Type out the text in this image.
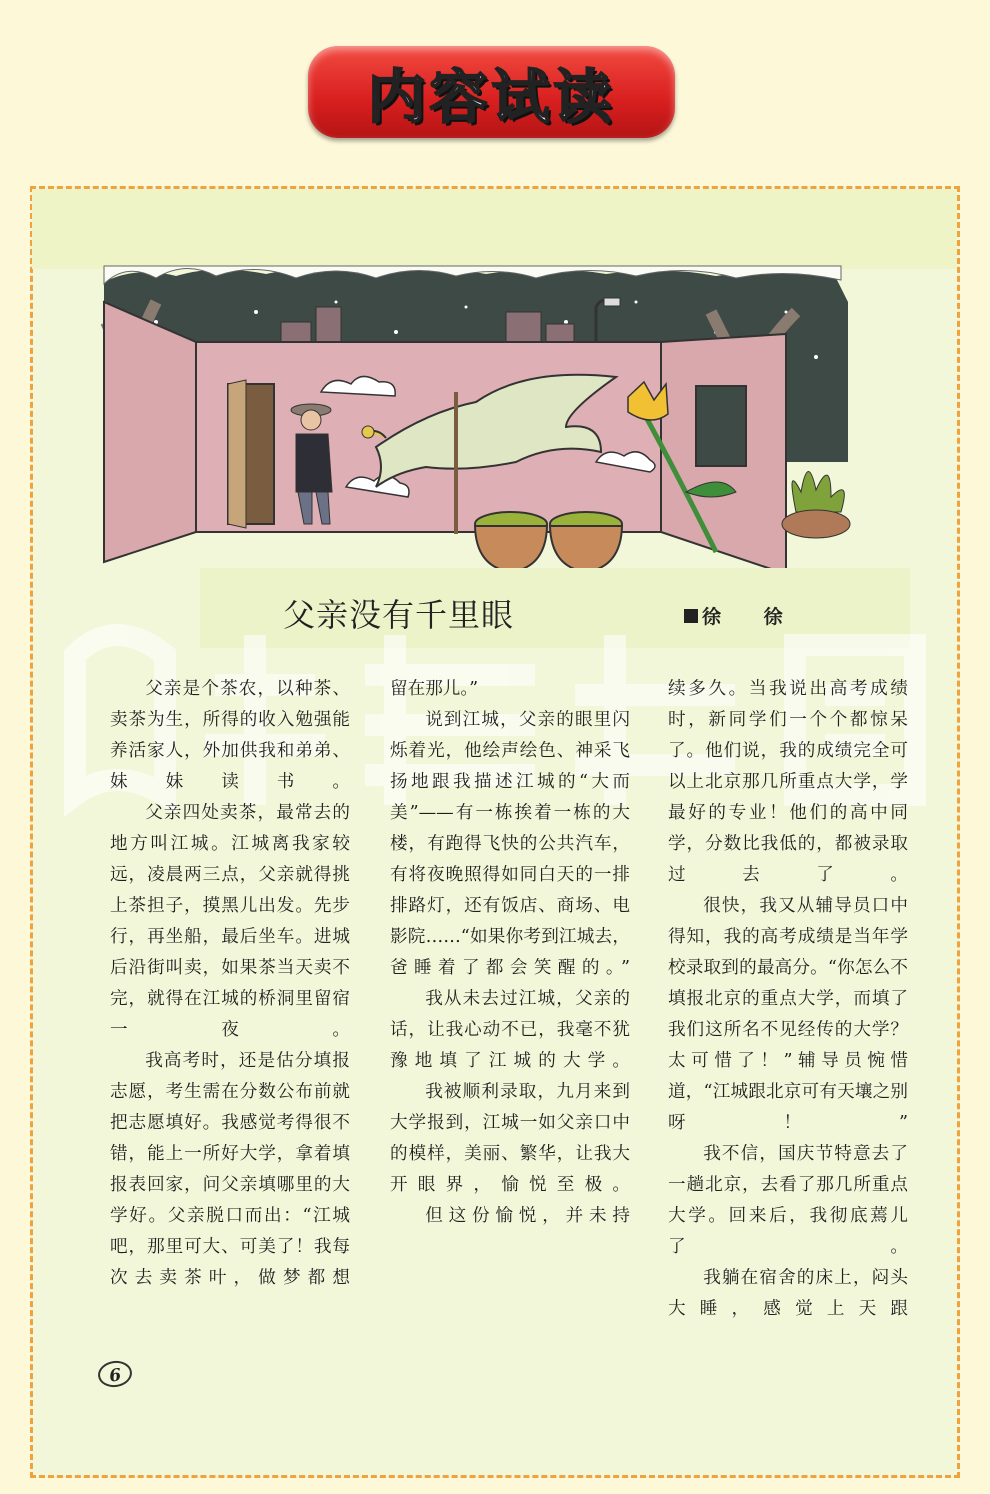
内容试读
父亲没有千里眼	徐 徐

父亲是个茶农，以种茶、卖茶为生，所得的收入勉强能养活家人，外加供我和弟弟、妹妹读书。

父亲四处卖茶，最常去的地方叫江城。江城离我家较远，凌晨两三点，父亲就得挑上茶担子，摸黑儿出发。先步行，再坐船，最后坐车。进城后沿街叫卖，如果茶当天卖不完，就得在江城的桥洞里留宿一夜。

我高考时，还是估分填报志愿，考生需在分数公布前就把志愿填好。我感觉考得很不错，能上一所好大学，拿着填报表回家，问父亲填哪里的大学好。父亲脱口而出：“江城吧，那里可大、可美了！我每次去卖茶叶，做梦都想

留在那儿。”

说到江城，父亲的眼里闪烁着光，他绘声绘色、神采飞扬地跟我描述江城的“大而美”——有一栋挨着一栋的大楼，有跑得飞快的公共汽车，有将夜晚照得如同白天的一排排路灯，还有饭店、商场、电影院……“如果你考到江城去，爸睡着了都会笑醒的。”

我从未去过江城，父亲的话，让我心动不已，我毫不犹豫地填了江城的大学。

我被顺利录取，九月来到大学报到，江城一如父亲口中的模样，美丽、繁华，让我大开眼界，愉悦至极。

但这份愉悦，并未持

续多久。当我说出高考成绩时，新同学们一个个都惊呆了。他们说，我的成绩完全可以上北京那几所重点大学，学最好的专业！他们的高中同学，分数比我低的，都被录取过去了。

很快，我又从辅导员口中得知，我的高考成绩是当年学校录取到的最高分。“你怎么不填报北京的重点大学，而填了我们这所名不见经传的大学？太可惜了！”辅导员惋惜道，“江城跟北京可有天壤之别呀！”

我不信，国庆节特意去了一趟北京，去看了那几所重点大学。回来后，我彻底蔫儿了。

我躺在宿舍的床上，闷头大睡，感觉上天跟

6
